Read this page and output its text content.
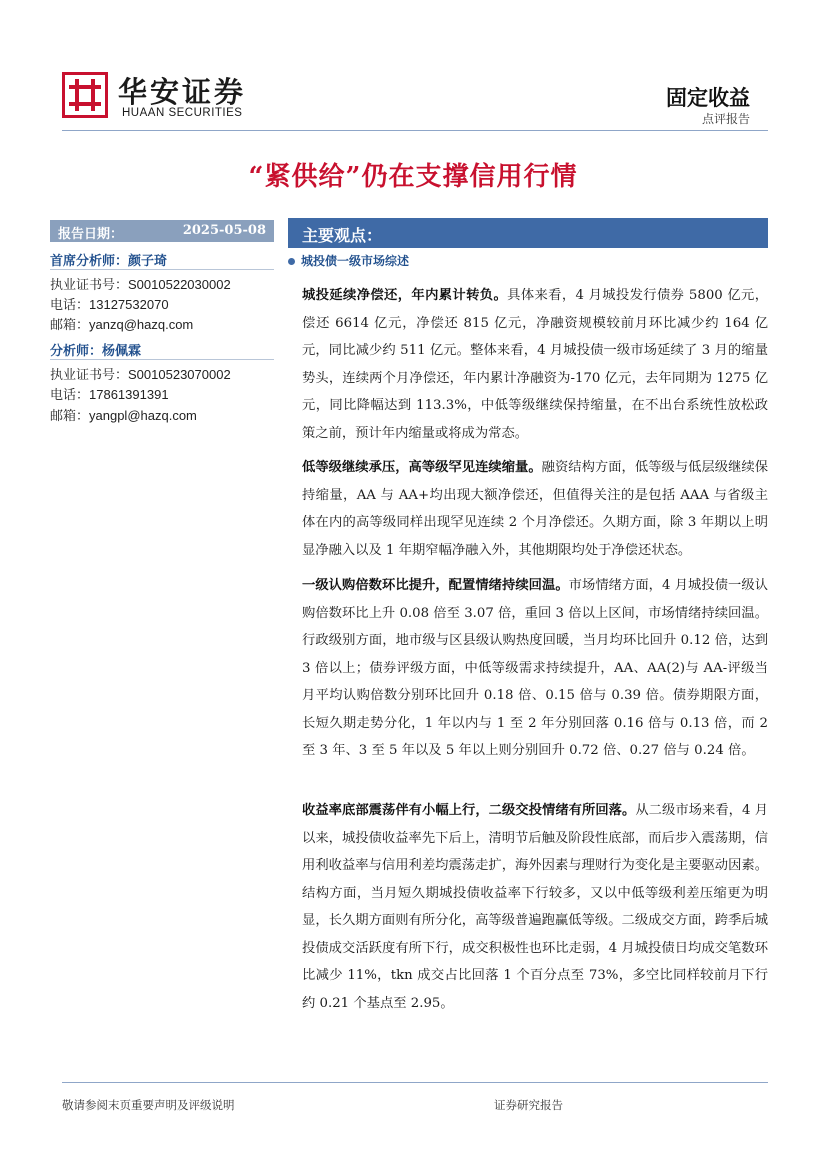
华安证券
HUAAN SECURITIES
固定收益
点评报告
“紧供给”仍在支撑信用行情
报告日期：	2025-05-08
首席分析师：颜子琦
执业证书号：S0010522030002
电话：13127532070
邮箱：yanzq@hazq.com
分析师：杨佩霖
执业证书号：S0010523070002
电话：17861391391
邮箱：yangpl@hazq.com
主要观点：
城投债一级市场综述
城投延续净偿还，年内累计转负。具体来看，4 月城投发行债券 5800 亿元，偿还 6614 亿元，净偿还 815 亿元，净融资规模较前月环比减少约 164 亿元，同比减少约 511 亿元。整体来看，4 月城投债一级市场延续了 3 月的缩量势头，连续两个月净偿还，年内累计净融资为-170 亿元，去年同期为 1275 亿元，同比降幅达到 113.3%，中低等级继续保持缩量，在不出台系统性放松政策之前，预计年内缩量或将成为常态。
低等级继续承压，高等级罕见连续缩量。融资结构方面，低等级与低层级继续保持缩量，AA 与 AA+均出现大额净偿还，但值得关注的是包括 AAA 与省级主体在内的高等级同样出现罕见连续 2 个月净偿还。久期方面，除 3 年期以上明显净融入以及 1 年期窄幅净融入外，其他期限均处于净偿还状态。
一级认购倍数环比提升，配置情绪持续回温。市场情绪方面，4 月城投债一级认购倍数环比上升 0.08 倍至 3.07 倍，重回 3 倍以上区间，市场情绪持续回温。行政级别方面，地市级与区县级认购热度回暖，当月均环比回升 0.12 倍，达到 3 倍以上；债券评级方面，中低等级需求持续提升，AA、AA(2)与 AA-评级当月平均认购倍数分别环比回升 0.18 倍、0.15 倍与 0.39 倍。债券期限方面，长短久期走势分化，1 年以内与 1 至 2 年分别回落 0.16 倍与 0.13 倍，而 2 至 3 年、3 至 5 年以及 5 年以上则分别回升 0.72 倍、0.27 倍与 0.24 倍。
收益率底部震荡伴有小幅上行，二级交投情绪有所回落。从二级市场来看，4 月以来，城投债收益率先下后上，清明节后触及阶段性底部，而后步入震荡期，信用利收益率与信用利差均震荡走扩，海外因素与理财行为变化是主要驱动因素。结构方面，当月短久期城投债收益率下行较多，又以中低等级利差压缩更为明显，长久期方面则有所分化，高等级普遍跑赢低等级。二级成交方面，跨季后城投债成交活跃度有所下行，成交积极性也环比走弱，4 月城投债日均成交笔数环比减少 11%，tkn 成交占比回落 1 个百分点至 73%，多空比同样较前月下行约 0.21 个基点至 2.95。
敬请参阅末页重要声明及评级说明	证券研究报告
